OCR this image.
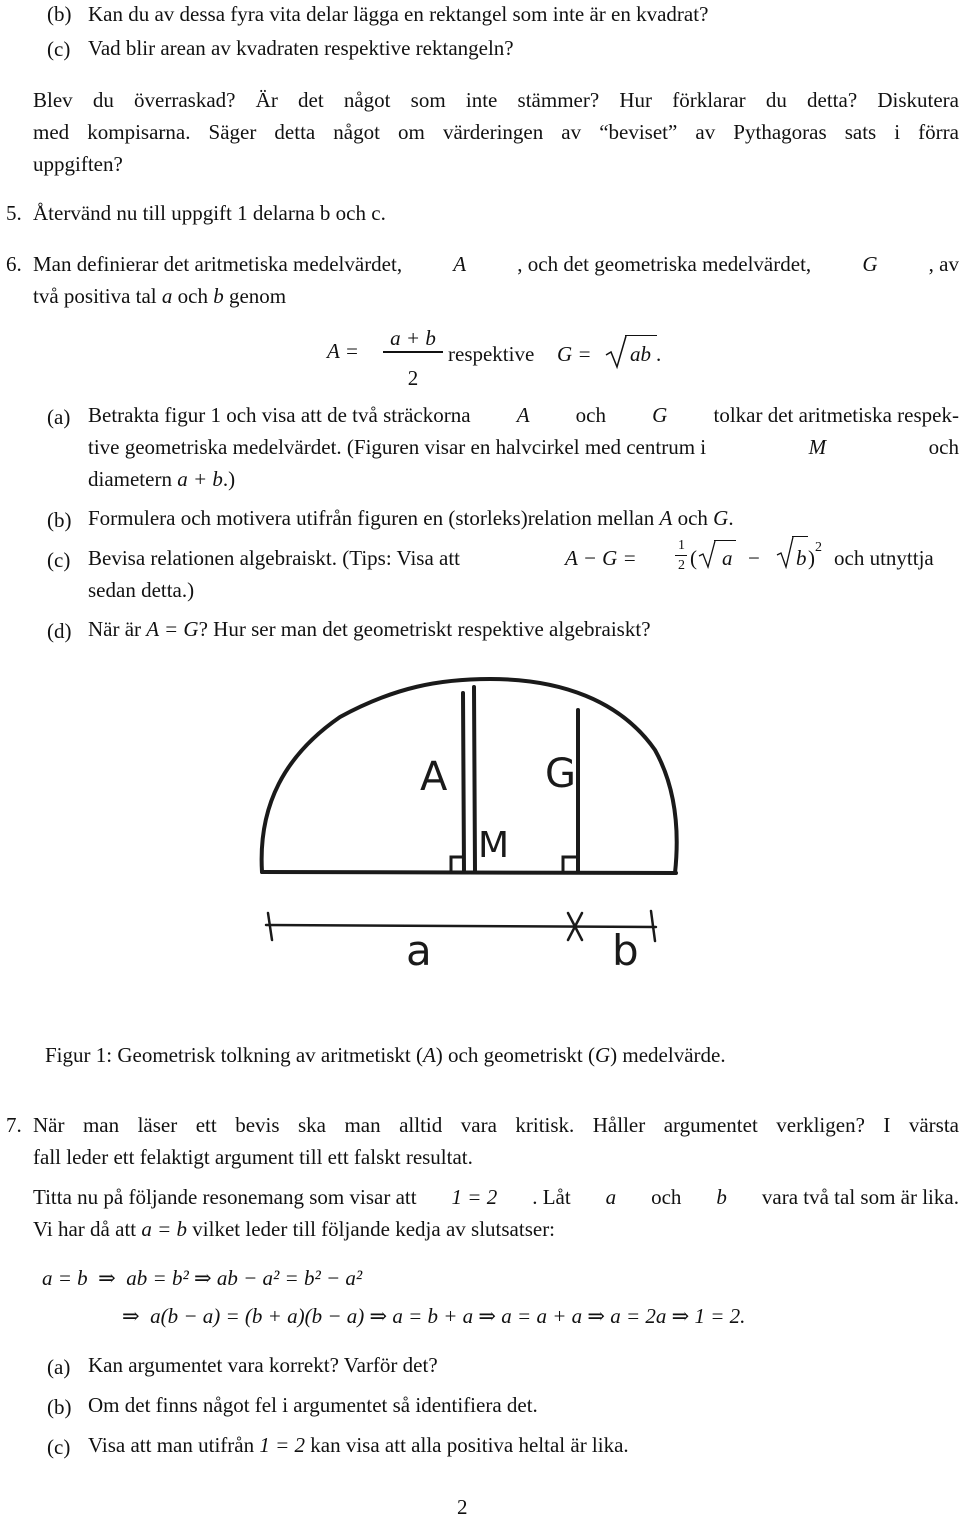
(b) Kan du av dessa fyra vita delar lägga en rektangel som inte är en kvadrat?
(c) Vad blir arean av kvadraten respektive rektangeln?
Blev du överraskad? Är det något som inte stämmer? Hur förklarar du detta? Diskutera
med kompisarna. Säger detta något om värderingen av “beviset” av Pythagoras sats i förra
uppgiften?
5. Återvänd nu till uppgift 1 delarna b och c.
6. Man definierar det aritmetiska medelvärdet, A , och det geometriska medelvärdet, G , av
två positiva tal a och b genom
A =
a + b
2
respektive G = ab .
(a) Betrakta figur 1 och visa att de två sträckorna A och G tolkar det aritmetiska respek-
tive geometriska medelvärdet. (Figuren visar en halvcirkel med centrum i	M	och
diametern a + b.)
(b) Formulera och motivera utifrån figuren en (storleks)relation mellan A och G.
(c) Bevisa relationen algebraiskt. (Tips: Visa att	A − G =
1
2 ( a − b ) 2 och utnyttja
sedan detta.)
(d) När är A = G? Hur ser man det geometriskt respektive algebraiskt?
A G
M
a	b
Figur 1: Geometrisk tolkning av aritmetiskt (A) och geometriskt (G) medelvärde.
7. När man läser ett bevis ska man alltid vara kritisk. Håller argumentet verkligen? I värsta
fall leder ett felaktigt argument till ett falskt resultat.
Titta nu på följande resonemang som visar att 1 = 2 . Låt a och b vara två tal som är lika.
Vi har då att a = b vilket leder till följande kedja av slutsatser:
a = b  ⇒  ab = b² ⇒ ab − a² = b² − a²
⇒  a(b − a) = (b + a)(b − a) ⇒ a = b + a ⇒ a = a + a ⇒ a = 2a ⇒ 1 = 2.
(a) Kan argumentet vara korrekt? Varför det?
(b) Om det finns något fel i argumentet så identifiera det.
(c) Visa att man utifrån 1 = 2 kan visa att alla positiva heltal är lika.
2
